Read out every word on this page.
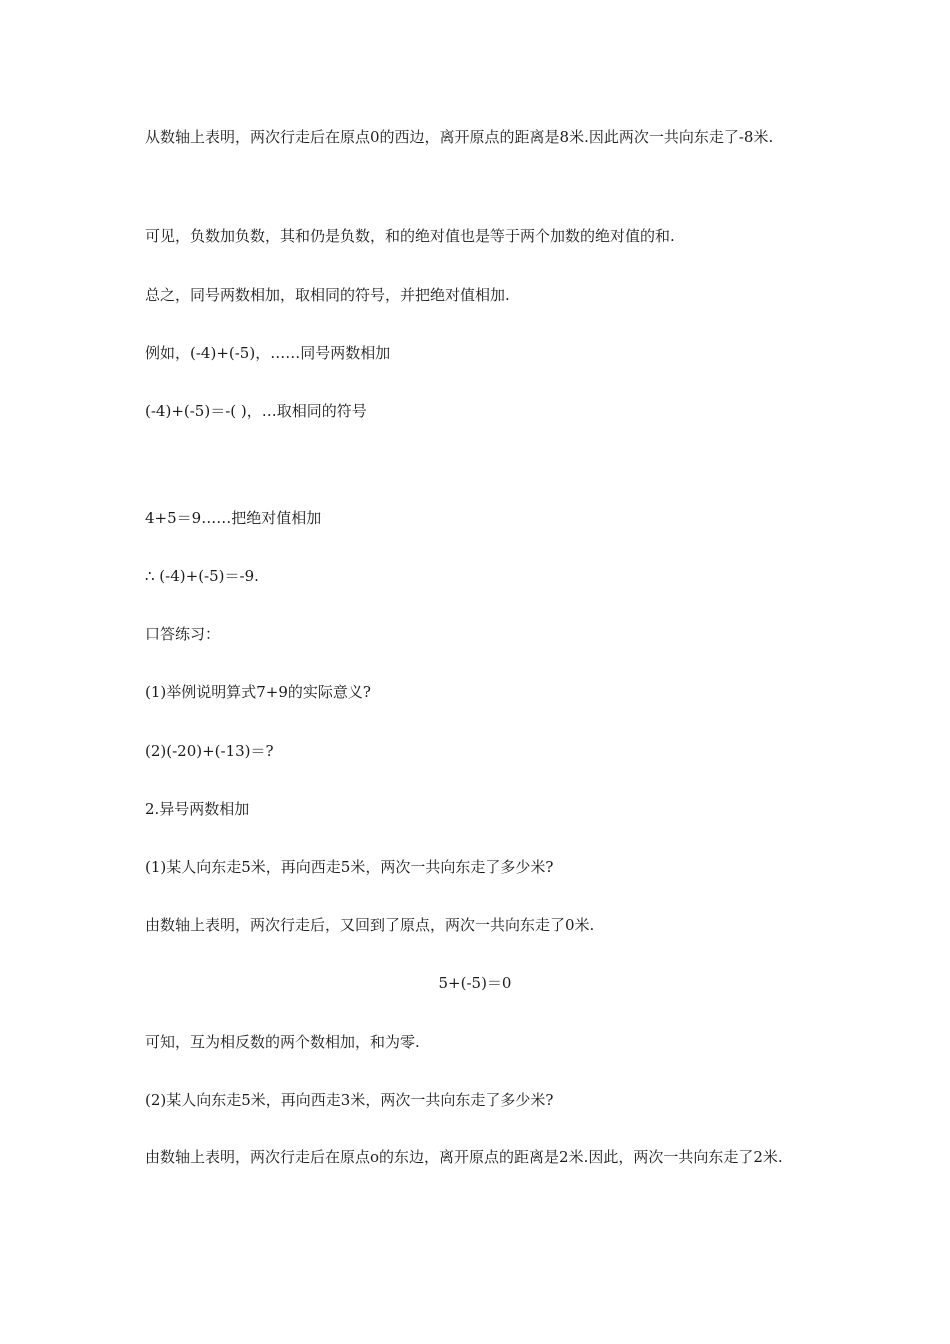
从数轴上表明，两次行走后在原点0的西边，离开原点的距离是8米.因此两次一共向东走了-8米.
可见，负数加负数，其和仍是负数，和的绝对值也是等于两个加数的绝对值的和.
总之，同号两数相加，取相同的符号，并把绝对值相加.
例如，(-4)+(-5)，……同号两数相加
(-4)+(-5)＝-( )，…取相同的符号
4+5＝9……把绝对值相加
∴ (-4)+(-5)＝-9.
口答练习：
(1)举例说明算式7+9的实际意义?
(2)(-20)+(-13)＝?
2.异号两数相加
(1)某人向东走5米，再向西走5米，两次一共向东走了多少米?
由数轴上表明，两次行走后，又回到了原点，两次一共向东走了0米.
5+(-5)＝0
可知，互为相反数的两个数相加，和为零.
(2)某人向东走5米，再向西走3米，两次一共向东走了多少米?
由数轴上表明，两次行走后在原点o的东边，离开原点的距离是2米.因此，两次一共向东走了2米.
